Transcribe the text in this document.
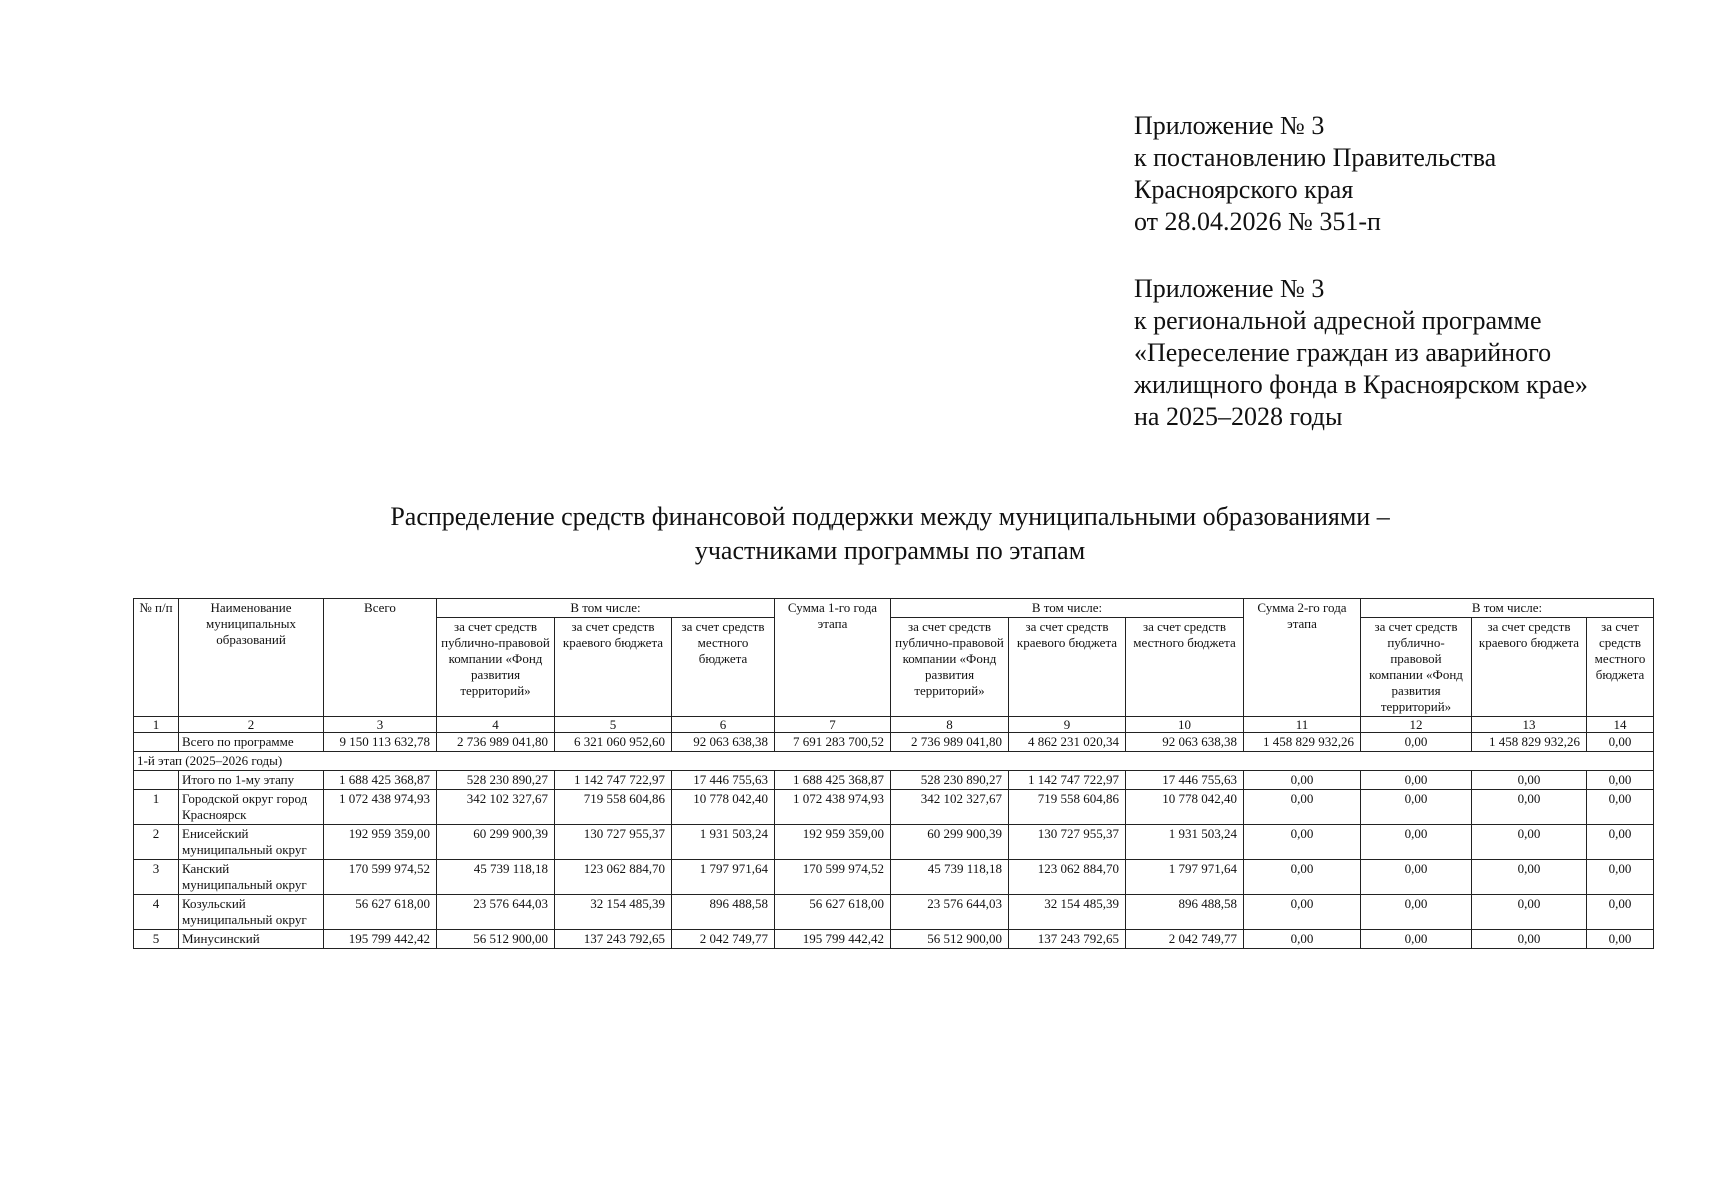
Приложение № 3
к постановлению Правительства
Красноярского края
от 28.04.2026 № 351-п
Приложение № 3
к региональной адресной программе
«Переселение граждан из аварийного
жилищного фонда в Красноярском крае»
на 2025–2028 годы
Распределение средств финансовой поддержки между муниципальными образованиями –
участниками программы по этапам
№ п/п	Наименование муниципальных образований	Всего	В том числе:			Сумма 1-го года этапа	В том числе:			Сумма 2-го года этапа	В том числе:		
			за счет средств публично-правовой компании «Фонд развития территорий»	за счет средств краевого бюджета	за счет средств местного бюджета		за счет средств публично-правовой компании «Фонд развития территорий»	за счет средств краевого бюджета	за счет средств местного бюджета		за счет средств публично-правовой компании «Фонд развития территорий»	за счет средств краевого бюджета	за счет средств местного бюджета
1	2	3	4	5	6	7	8	9	10	11	12	13	14
	Всего по программе	9 150 113 632,78	2 736 989 041,80	6 321 060 952,60	92 063 638,38	7 691 283 700,52	2 736 989 041,80	4 862 231 020,34	92 063 638,38	1 458 829 932,26	0,00	1 458 829 932,26	0,00
1-й этап (2025–2026 годы)													
	Итого по 1-му этапу	1 688 425 368,87	528 230 890,27	1 142 747 722,97	17 446 755,63	1 688 425 368,87	528 230 890,27	1 142 747 722,97	17 446 755,63	0,00	0,00	0,00	0,00
1	Городской округ город Красноярск	1 072 438 974,93	342 102 327,67	719 558 604,86	10 778 042,40	1 072 438 974,93	342 102 327,67	719 558 604,86	10 778 042,40	0,00	0,00	0,00	0,00
2	Енисейский муниципальный округ	192 959 359,00	60 299 900,39	130 727 955,37	1 931 503,24	192 959 359,00	60 299 900,39	130 727 955,37	1 931 503,24	0,00	0,00	0,00	0,00
3	Канский муниципальный округ	170 599 974,52	45 739 118,18	123 062 884,70	1 797 971,64	170 599 974,52	45 739 118,18	123 062 884,70	1 797 971,64	0,00	0,00	0,00	0,00
4	Козульский муниципальный округ	56 627 618,00	23 576 644,03	32 154 485,39	896 488,58	56 627 618,00	23 576 644,03	32 154 485,39	896 488,58	0,00	0,00	0,00	0,00
5	Минусинский	195 799 442,42	56 512 900,00	137 243 792,65	2 042 749,77	195 799 442,42	56 512 900,00	137 243 792,65	2 042 749,77	0,00	0,00	0,00	0,00
